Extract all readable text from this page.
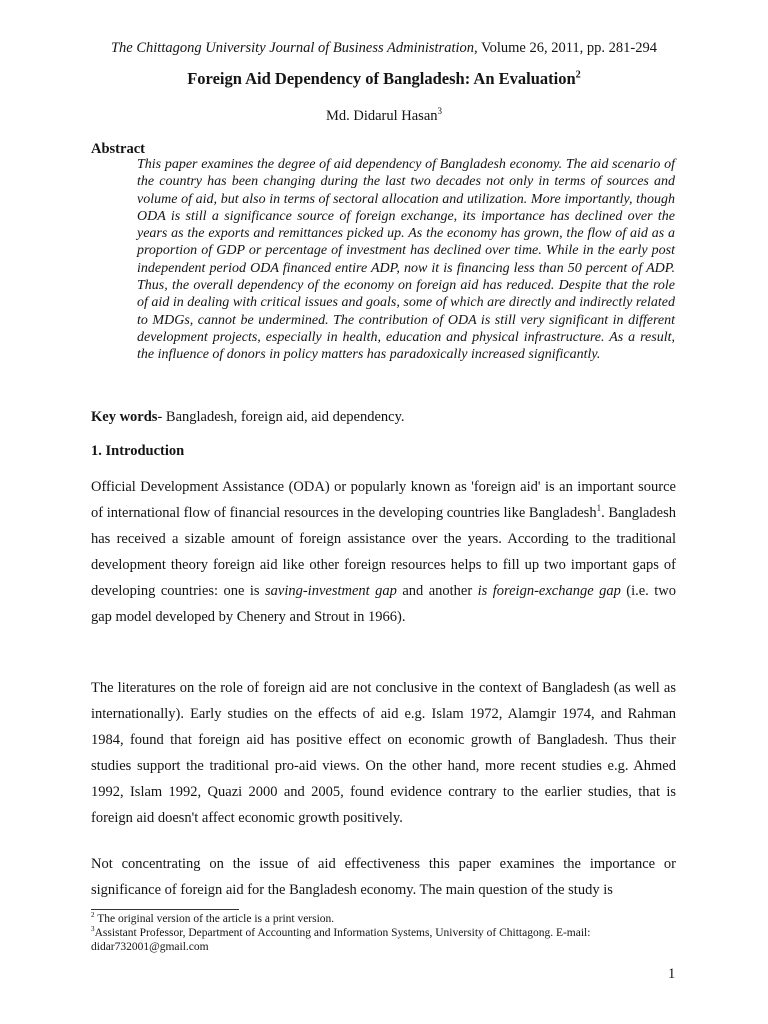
The Chittagong University Journal of Business Administration, Volume 26, 2011, pp. 281-294
Foreign Aid Dependency of Bangladesh: An Evaluation$^2$
Md. Didarul Hasan$^3$
Abstract
This paper examines the degree of aid dependency of Bangladesh economy. The aid scenario of the country has been changing during the last two decades not only in terms of sources and volume of aid, but also in terms of sectoral allocation and utilization. More importantly, though ODA is still a significance source of foreign exchange, its importance has declined over the years as the exports and remittances picked up. As the economy has grown, the flow of aid as a proportion of GDP or percentage of investment has declined over time. While in the early post independent period ODA financed entire ADP, now it is financing less than 50 percent of ADP. Thus, the overall dependency of the economy on foreign aid has reduced. Despite that the role of aid in dealing with critical issues and goals, some of which are directly and indirectly related to MDGs, cannot be undermined. The contribution of ODA is still very significant in different development projects, especially in health, education and physical infrastructure. As a result, the influence of donors in policy matters has paradoxically increased significantly.
Key words- Bangladesh, foreign aid, aid dependency.
1. Introduction
Official Development Assistance (ODA) or popularly known as 'foreign aid' is an important source of international flow of financial resources in the developing countries like Bangladesh$^1$. Bangladesh has received a sizable amount of foreign assistance over the years. According to the traditional development theory foreign aid like other foreign resources helps to fill up two important gaps of developing countries: one is saving-investment gap and another is foreign-exchange gap (i.e. two gap model developed by Chenery and Strout in 1966).
The literatures on the role of foreign aid are not conclusive in the context of Bangladesh (as well as internationally). Early studies on the effects of aid e.g. Islam 1972, Alamgir 1974, and Rahman 1984, found that foreign aid has positive effect on economic growth of Bangladesh. Thus their studies support the traditional pro-aid views. On the other hand, more recent studies e.g. Ahmed 1992, Islam 1992, Quazi 2000 and 2005, found evidence contrary to the earlier studies, that is foreign aid doesn't affect economic growth positively.
Not concentrating on the issue of aid effectiveness this paper examines the importance or significance of foreign aid for the Bangladesh economy. The main question of the study is
$^2$ The original version of the article is a print version.
$^3$Assistant Professor, Department of Accounting and Information Systems, University of Chittagong. E-mail: didar732001@gmail.com
1
